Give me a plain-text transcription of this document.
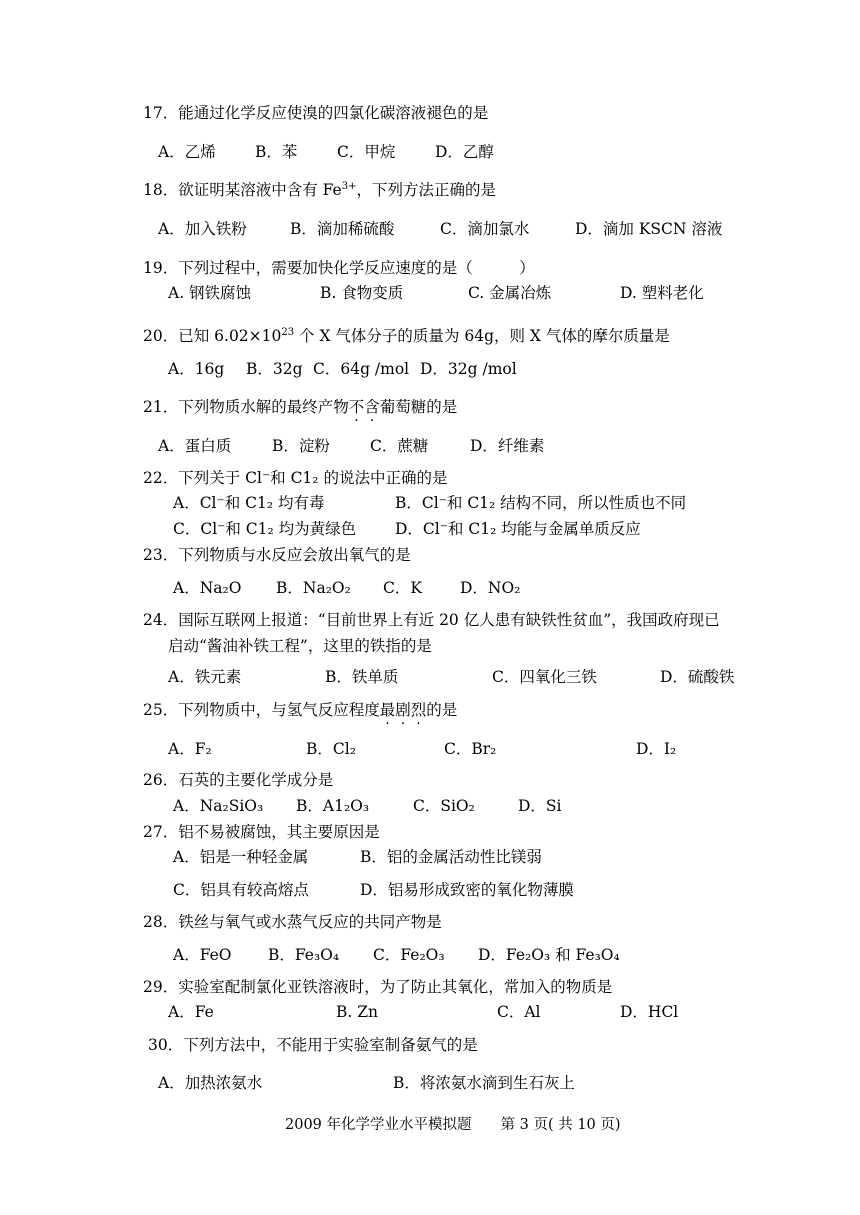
17．能通过化学反应使溴的四氯化碳溶液褪色的是
A．乙烯	B．苯	C．甲烷	D．乙醇
18．欲证明某溶液中含有 $Fe^{3+}$，下列方法正确的是
A．加入铁粉	B．滴加稀硫酸	C．滴加氯水	D．滴加 KSCN 溶液
19．下列过程中，需要加快化学反应速度的是（　　　）
A. 钢铁腐蚀	B. 食物变质	C. 金属冶炼	D. 塑料老化
20．已知 $6.02\times 10^{23}$ 个 X 气体分子的质量为 64g，则 X 气体的摩尔质量是
A．16g B．32g C．64g /mol D．32g /mol
21．下列物质水解的最终产物不含葡萄糖的是
A．蛋白质	B．淀粉	C．蔗糖	D．纤维素
22．下列关于 Cl⁻和 C1₂ 的说法中正确的是
A．Cl⁻和 C1₂ 均有毒	B．Cl⁻和 C1₂ 结构不同，所以性质也不同
C．Cl⁻和 C1₂ 均为黄绿色	D．Cl⁻和 C1₂ 均能与金属单质反应
23．下列物质与水反应会放出氧气的是
A．Na₂O B．Na₂O₂ C．K D．NO₂
24．国际互联网上报道：“目前世界上有近 20 亿人患有缺铁性贫血”，我国政府现已
启动“酱油补铁工程”，这里的铁指的是
A．铁元素	B．铁单质	C．四氧化三铁	D．硫酸铁
25．下列物质中，与氢气反应程度最剧烈的是
A．F₂	B．Cl₂	C．Br₂	D．I₂
26．石英的主要化学成分是
A．Na₂SiO₃ B．A1₂O₃	C．SiO₂	D．Si
27．铝不易被腐蚀，其主要原因是
A．铝是一种轻金属	B．铝的金属活动性比镁弱
C．铝具有较高熔点	D．铝易形成致密的氧化物薄膜
28．铁丝与氧气或水蒸气反应的共同产物是
A．FeO B．Fe₃O₄ C．Fe₂O₃ D．Fe₂O₃ 和 Fe₃O₄
29．实验室配制氯化亚铁溶液时，为了防止其氧化，常加入的物质是
A．Fe	B. Zn	C．Al	D．HCl
30．下列方法中，不能用于实验室制备氨气的是
A．加热浓氨水	B．将浓氨水滴到生石灰上
2009 年化学学业水平模拟题　　第 3 页( 共 10 页)
